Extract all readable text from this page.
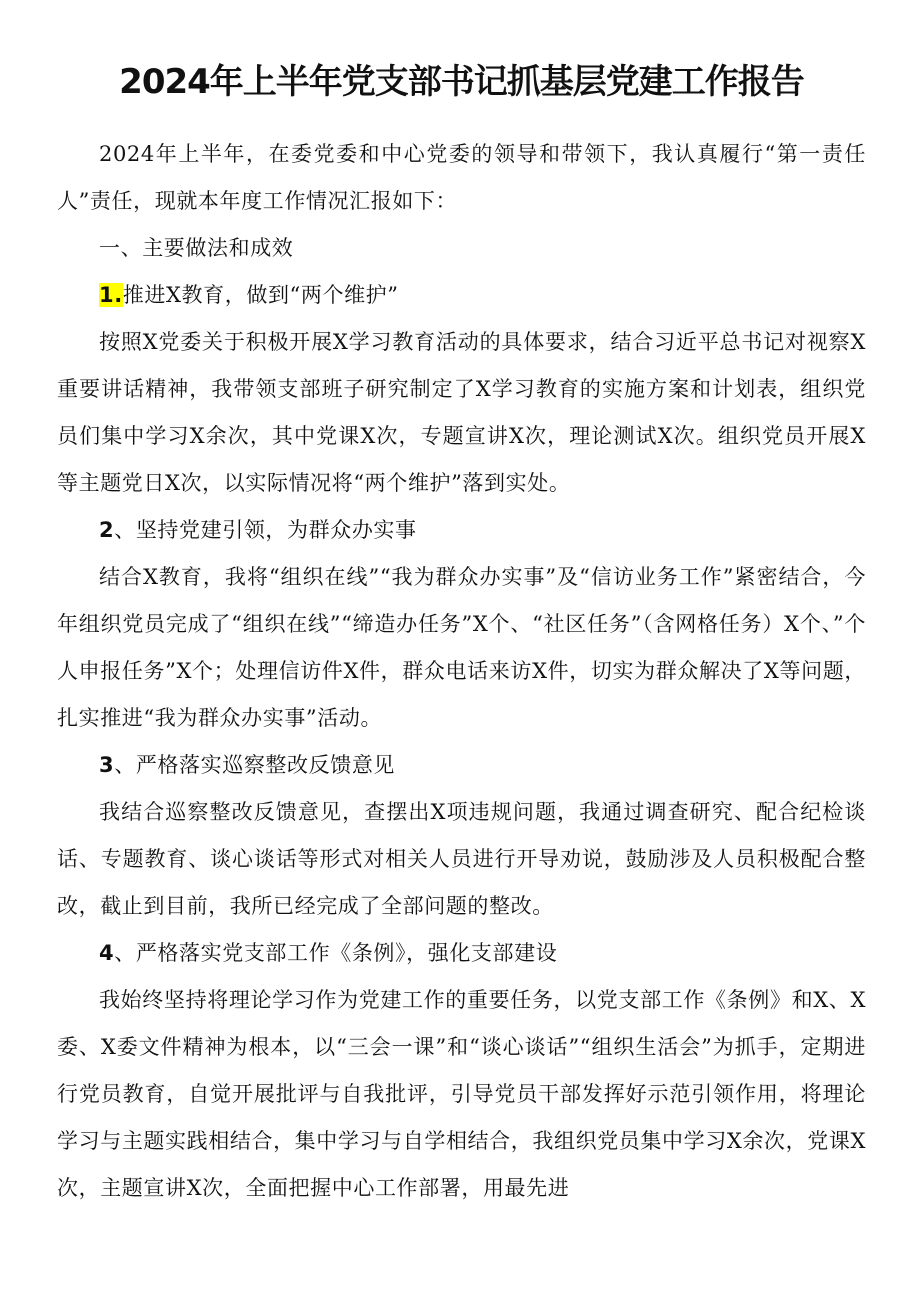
2024年上半年党支部书记抓基层党建工作报告

2024年上半年，在委党委和中心党委的领导和带领下，我认真履行“第一责任人”责任，现就本年度工作情况汇报如下：

一、主要做法和成效

1.推进X教育，做到“两个维护”

按照X党委关于积极开展X学习教育活动的具体要求，结合习近平总书记对视察X重要讲话精神，我带领支部班子研究制定了X学习教育的实施方案和计划表，组织党员们集中学习X余次，其中党课X次，专题宣讲X次，理论测试X次。组织党员开展X等主题党日X次，以实际情况将“两个维护”落到实处。

2、坚持党建引领，为群众办实事

结合X教育，我将“组织在线”“我为群众办实事”及“信访业务工作”紧密结合，今年组织党员完成了“组织在线”“缔造办任务”X个、“社区任务”（含网格任务）X个、”个人申报任务”X个；处理信访件X件，群众电话来访X件，切实为群众解决了X等问题，扎实推进“我为群众办实事”活动。

3、严格落实巡察整改反馈意见

我结合巡察整改反馈意见，查摆出X项违规问题，我通过调查研究、配合纪检谈话、专题教育、谈心谈话等形式对相关人员进行开导劝说，鼓励涉及人员积极配合整改，截止到目前，我所已经完成了全部问题的整改。

4、严格落实党支部工作《条例》，强化支部建设

我始终坚持将理论学习作为党建工作的重要任务，以党支部工作《条例》和X、X委、X委文件精神为根本，以“三会一课”和“谈心谈话”“组织生活会”为抓手，定期进行党员教育，自觉开展批评与自我批评，引导党员干部发挥好示范引领作用，将理论学习与主题实践相结合，集中学习与自学相结合，我组织党员集中学习X余次，党课X次，主题宣讲X次，全面把握中心工作部署，用最先进
